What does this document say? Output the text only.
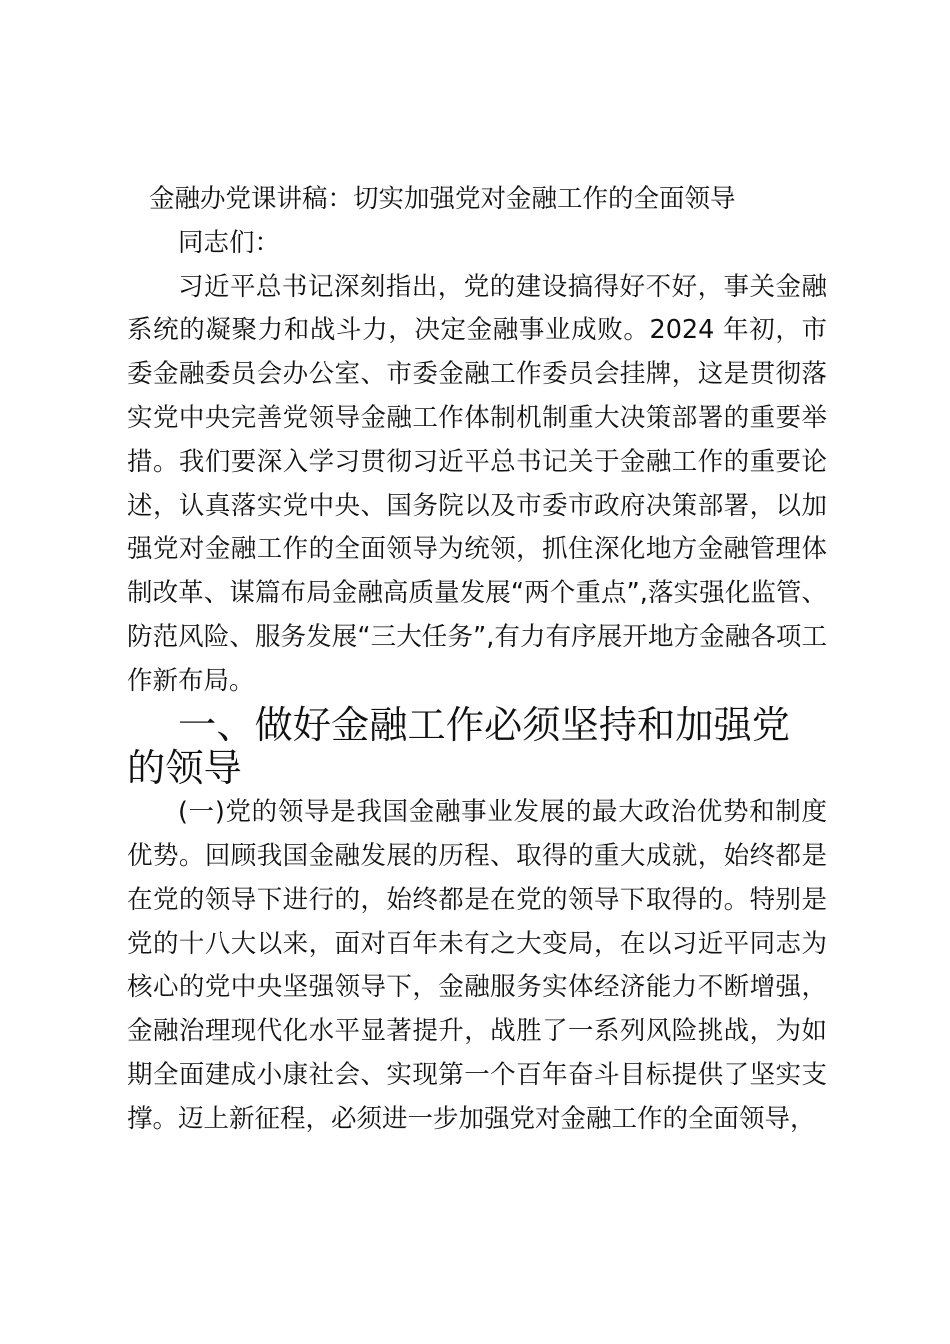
金融办党课讲稿：切实加强党对金融工作的全面领导

同志们：

习近平总书记深刻指出，党的建设搞得好不好，事关金融系统的凝聚力和战斗力，决定金融事业成败。2024 年初，市委金融委员会办公室、市委金融工作委员会挂牌，这是贯彻落实党中央完善党领导金融工作体制机制重大决策部署的重要举措。我们要深入学习贯彻习近平总书记关于金融工作的重要论述，认真落实党中央、国务院以及市委市政府决策部署，以加强党对金融工作的全面领导为统领，抓住深化地方金融管理体制改革、谋篇布局金融高质量发展“两个重点”,落实强化监管、防范风险、服务发展“三大任务”,有力有序展开地方金融各项工作新布局。

一、做好金融工作必须坚持和加强党的领导

(一)党的领导是我国金融事业发展的最大政治优势和制度优势。回顾我国金融发展的历程、取得的重大成就，始终都是在党的领导下进行的，始终都是在党的领导下取得的。特别是党的十八大以来，面对百年未有之大变局，在以习近平同志为核心的党中央坚强领导下，金融服务实体经济能力不断增强，金融治理现代化水平显著提升，战胜了一系列风险挑战，为如期全面建成小康社会、实现第一个百年奋斗目标提供了坚实支撑。迈上新征程，必须进一步加强党对金融工作的全面领导，
